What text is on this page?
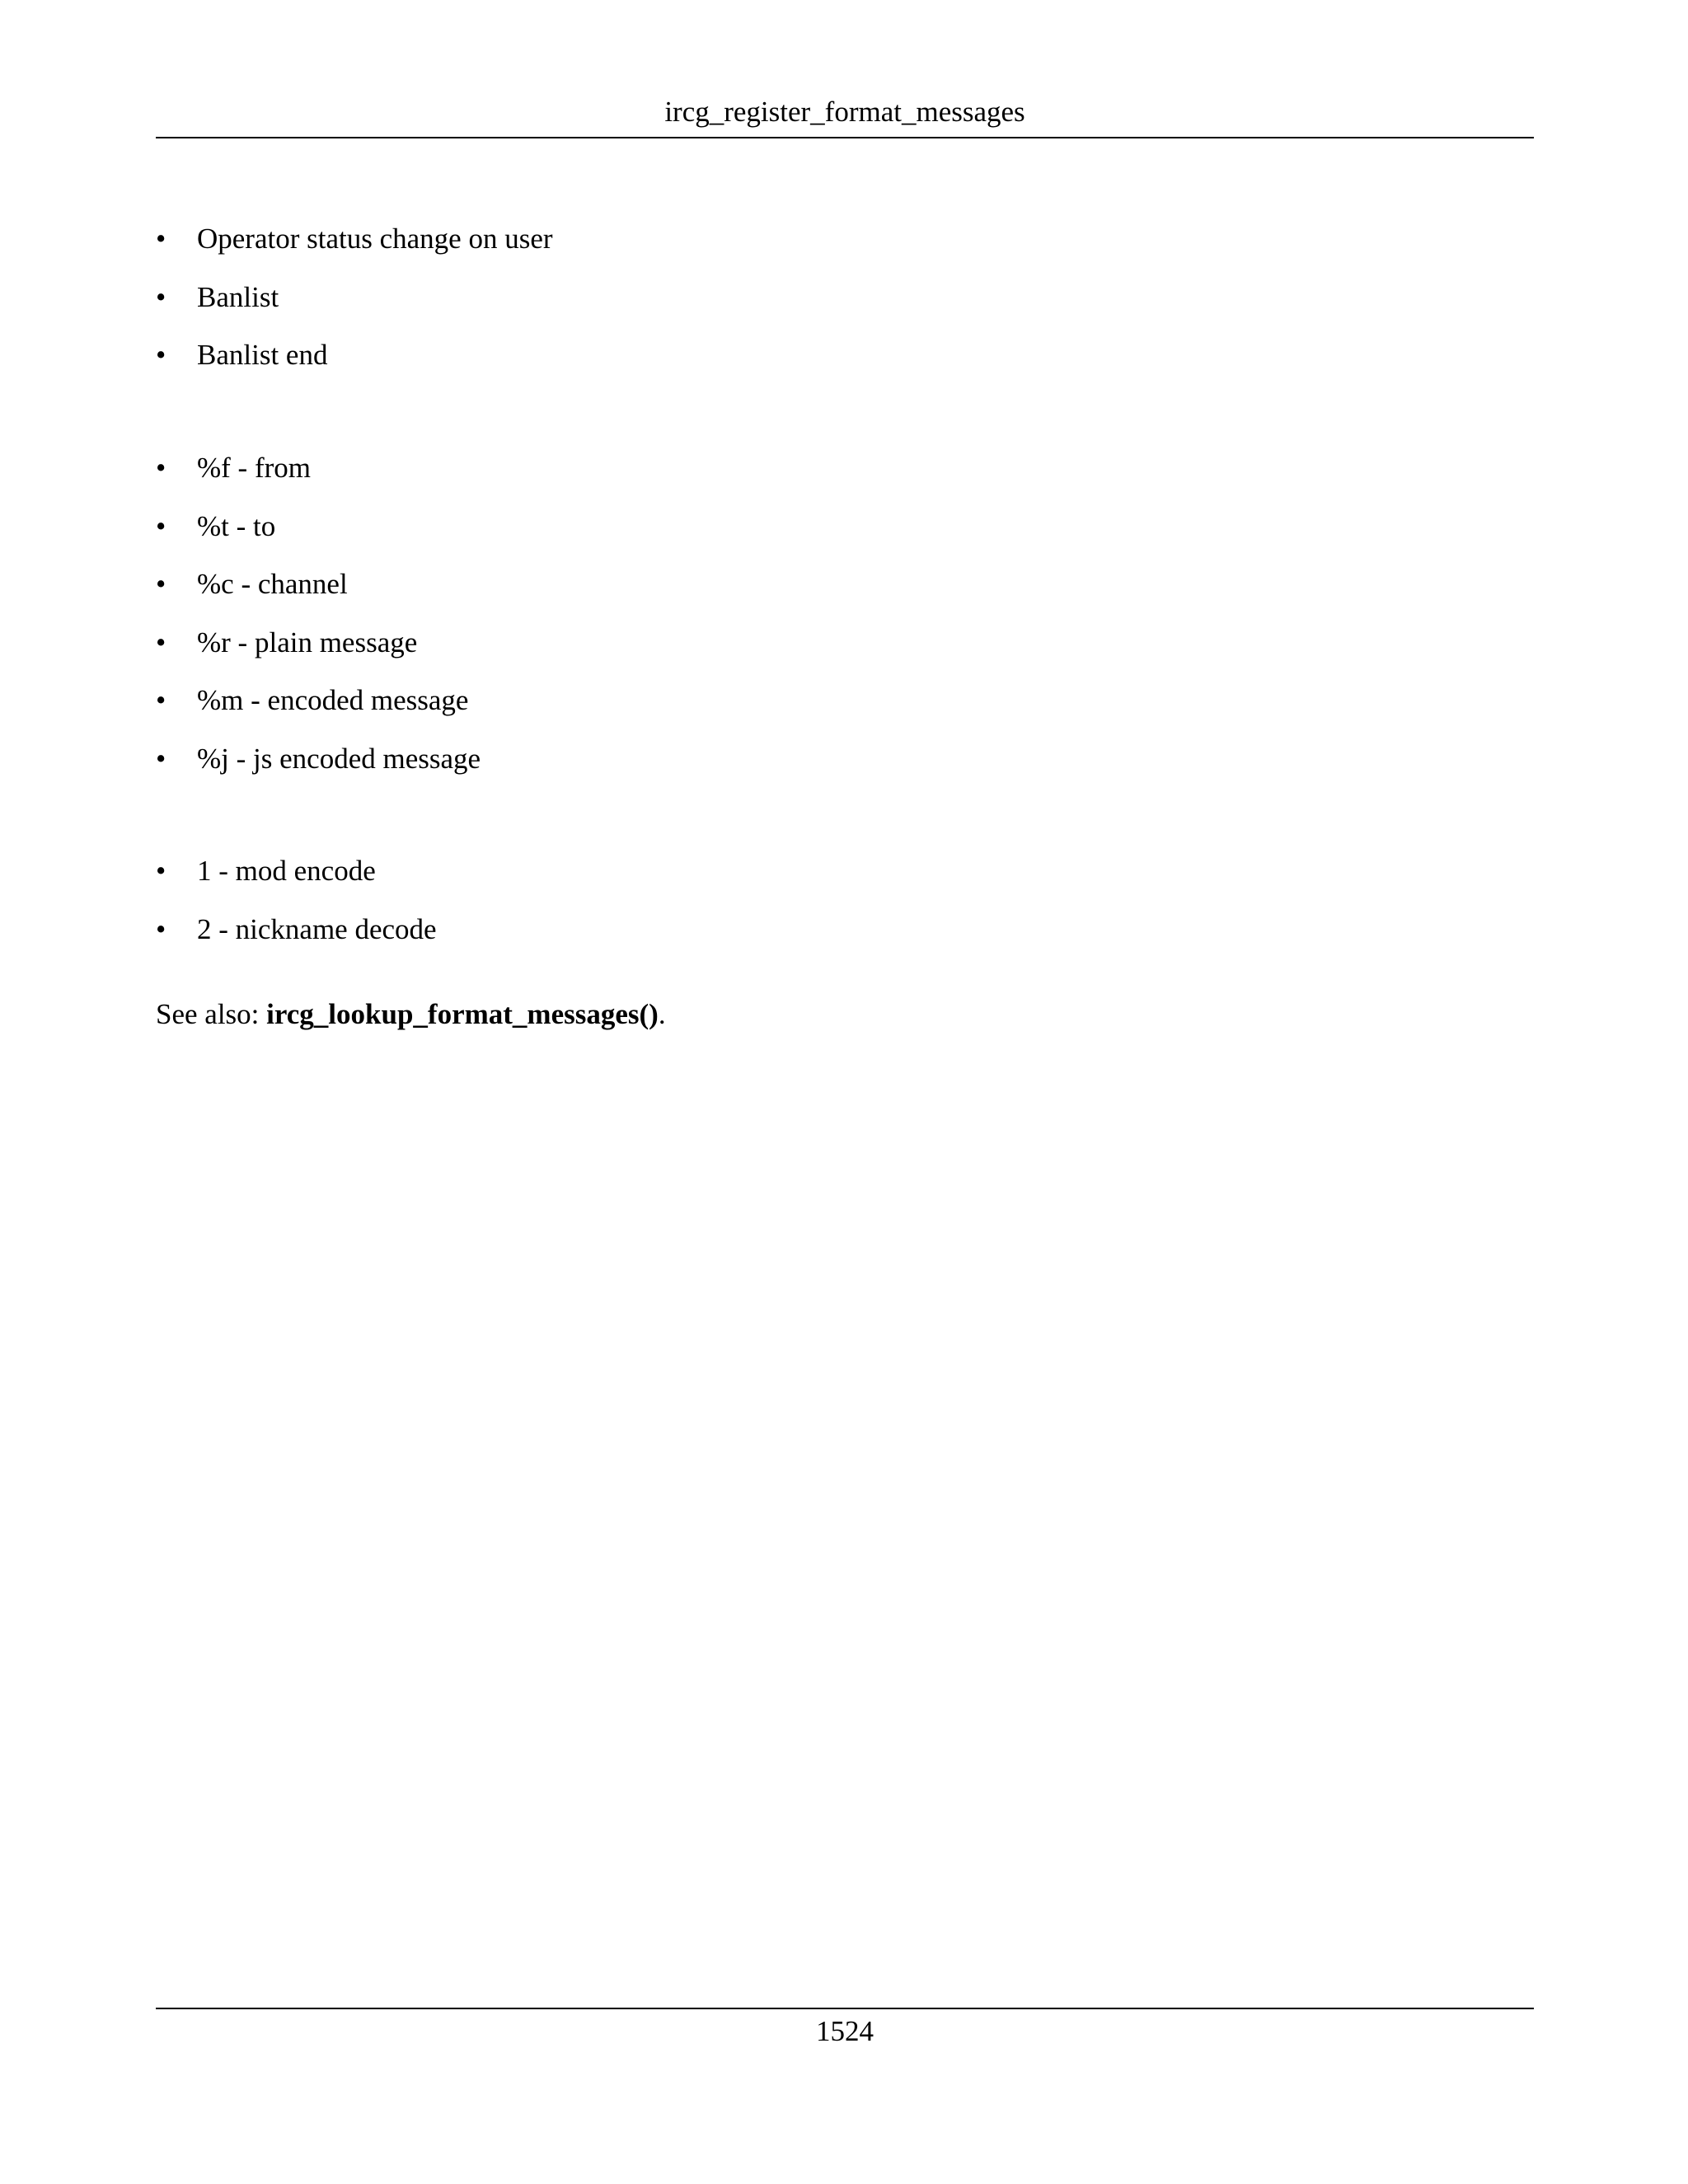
ircg_register_format_messages
•	Operator status change on user
•	Banlist
•	Banlist end
•	%f - from
•	%t - to
•	%c - channel
•	%r - plain message
•	%m - encoded message
•	%j - js encoded message
•	1 - mod encode
•	2 - nickname decode
See also: ircg_lookup_format_messages().
1524
